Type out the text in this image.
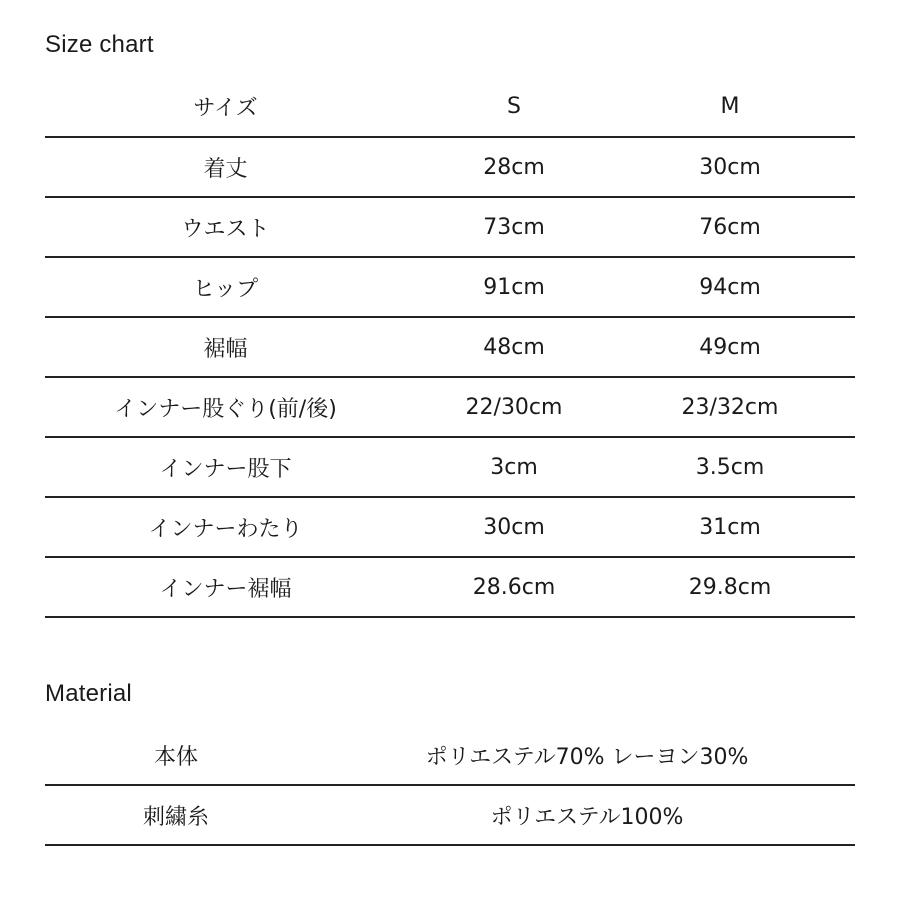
Size chart
サイズ	S	M
着丈	28cm	30cm
ウエスト	73cm	76cm
ヒップ	91cm	94cm
裾幅	48cm	49cm
インナー股ぐり(前/後)	22/30cm	23/32cm
インナー股下	3cm	3.5cm
インナーわたり	30cm	31cm
インナー裾幅	28.6cm	29.8cm
Material
本体	ポリエステル70% レーヨン30%
刺繍糸	ポリエステル100%
